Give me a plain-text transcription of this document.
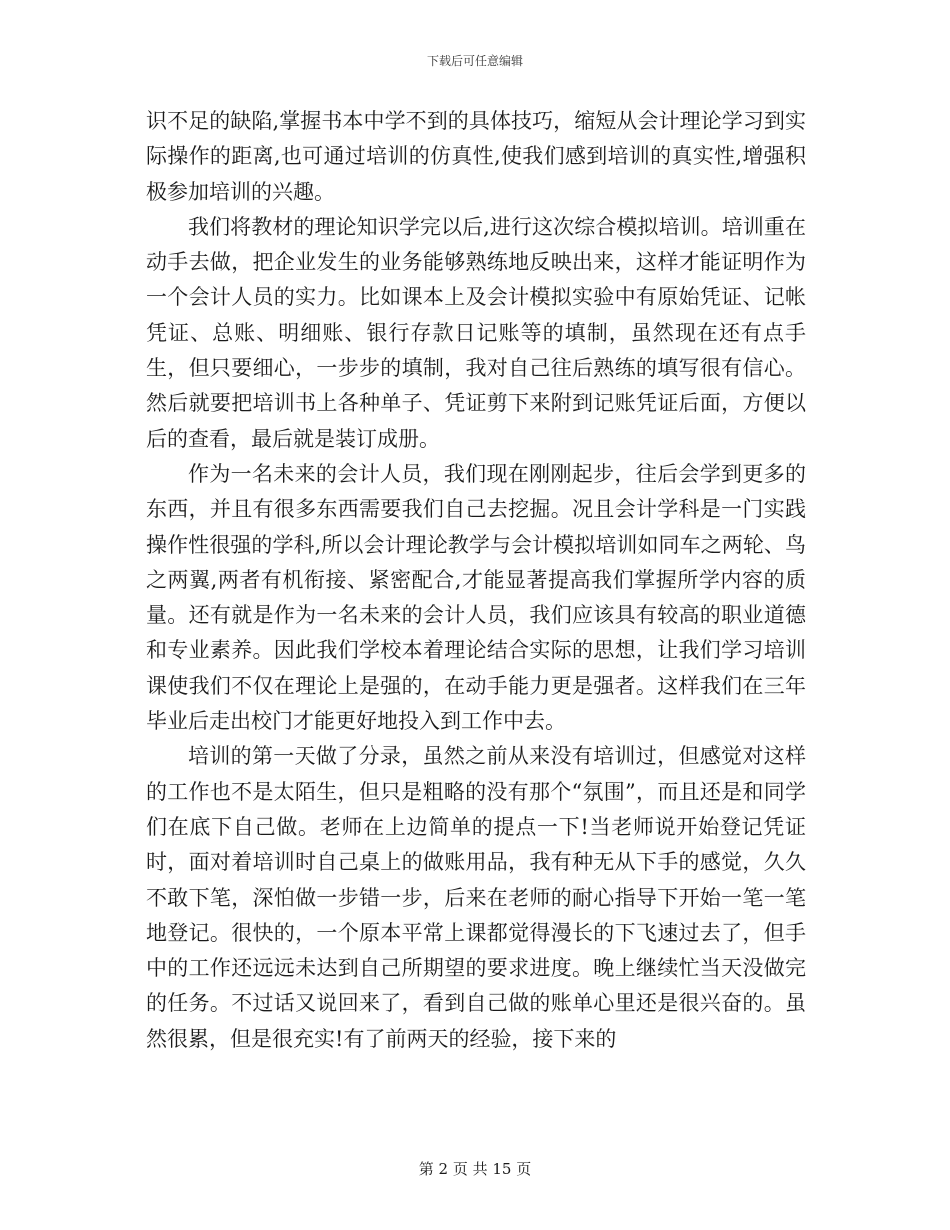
下载后可任意编辑

识不足的缺陷,掌握书本中学不到的具体技巧，缩短从会计理论学习到实际操作的距离,也可通过培训的仿真性,使我们感到培训的真实性,增强积极参加培训的兴趣。

我们将教材的理论知识学完以后,进行这次综合模拟培训。培训重在动手去做，把企业发生的业务能够熟练地反映出来，这样才能证明作为一个会计人员的实力。比如课本上及会计模拟实验中有原始凭证、记帐凭证、总账、明细账、银行存款日记账等的填制，虽然现在还有点手生，但只要细心，一步步的填制，我对自己往后熟练的填写很有信心。然后就要把培训书上各种单子、凭证剪下来附到记账凭证后面，方便以后的查看，最后就是装订成册。

作为一名未来的会计人员，我们现在刚刚起步，往后会学到更多的东西，并且有很多东西需要我们自己去挖掘。况且会计学科是一门实践操作性很强的学科,所以会计理论教学与会计模拟培训如同车之两轮、鸟之两翼,两者有机衔接、紧密配合,才能显著提高我们掌握所学内容的质量。还有就是作为一名未来的会计人员，我们应该具有较高的职业道德和专业素养。因此我们学校本着理论结合实际的思想，让我们学习培训课使我们不仅在理论上是强的，在动手能力更是强者。这样我们在三年毕业后走出校门才能更好地投入到工作中去。

培训的第一天做了分录，虽然之前从来没有培训过，但感觉对这样的工作也不是太陌生，但只是粗略的没有那个“氛围”，而且还是和同学们在底下自己做。老师在上边简单的提点一下!当老师说开始登记凭证时，面对着培训时自己桌上的做账用品，我有种无从下手的感觉，久久不敢下笔，深怕做一步错一步，后来在老师的耐心指导下开始一笔一笔地登记。很快的，一个原本平常上课都觉得漫长的下飞速过去了，但手中的工作还远远未达到自己所期望的要求进度。晚上继续忙当天没做完的任务。不过话又说回来了，看到自己做的账单心里还是很兴奋的。虽然很累，但是很充实!有了前两天的经验，接下来的

第 2 页 共 15 页
